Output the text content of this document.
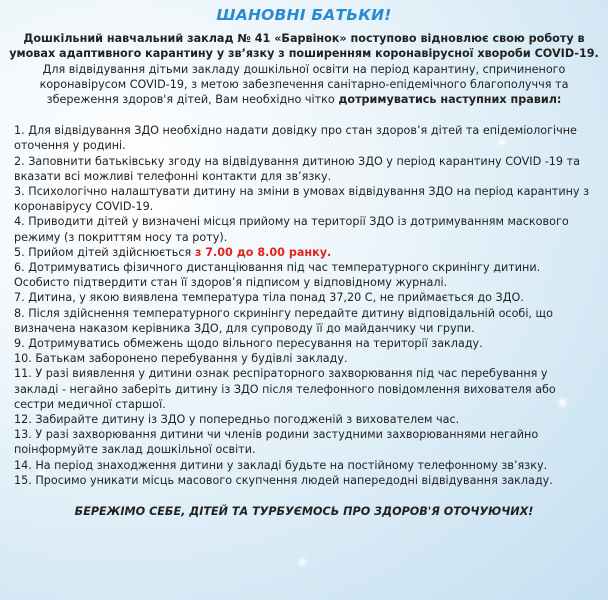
ШАНОВНІ БАТЬКИ!

Дошкільний навчальний заклад № 41 «Барвінок» поступово відновлює свою роботу в умовах адаптивного карантину у зв’язку з поширенням коронавірусної хвороби COVID-19.

Для відвідування дітьми закладу дошкільної освіти на період карантину, спричиненого коронавірусом COVID-19, з метою забезпечення санітарно-епідемічного благополуччя та збереження здоров'я дітей, Вам необхідно чітко дотримуватись наступних правил:

1. Для відвідування ЗДО необхідно надати довідку про стан здоров’я дітей та епідеміологічне оточення у родині.
2. Заповнити батьківську згоду на відвідування дитиною ЗДО у період карантину COVID -19 та вказати всі можливі телефонні контакти для зв’язку.
3. Психологічно налаштувати дитину на зміни в умовах відвідування ЗДО на період карантину з коронавірусу COVID-19.
4. Приводити дітей у визначені місця прийому на території ЗДО із дотримуванням маскового режиму (з покриттям носу та роту).
5. Прийом дітей здійснюється з 7.00 до 8.00 ранку.
6. Дотримуватись фізичного дистанціювання під час температурного скринінгу дитини. Особисто підтвердити стан її здоров’я підписом у відповідному журналі.
7. Дитина, у якою виявлена температура тіла понад 37,20 С, не приймається до ЗДО.
8. Після здійснення температурного скринінгу передайте дитину відповідальній особі, що визначена наказом керівника ЗДО, для супроводу її до майданчику чи групи.
9. Дотримуватись обмежень щодо вільного пересування на території закладу.
10. Батькам заборонено перебування у будівлі закладу.
11. У разі виявлення у дитини ознак респіраторного захворювання під час перебування у закладі - негайно заберіть дитину із ЗДО після телефонного повідомлення вихователя або сестри медичної старшої.
12. Забирайте дитину із ЗДО у попередньо погодженій з вихователем час.
13. У разі захворювання дитини чи членів родини застудними захворюваннями негайно поінформуйте заклад дошкільної освіти.
14. На період знаходження дитини у закладі будьте на постійному телефонному зв’язку.
15. Просимо уникати місць масового скупчення людей напередодні відвідування закладу.
БЕРЕЖІМО СЕБЕ, ДІТЕЙ ТА ТУРБУЄМОСЬ ПРО ЗДОРОВ'Я ОТОЧУЮЧИХ!
